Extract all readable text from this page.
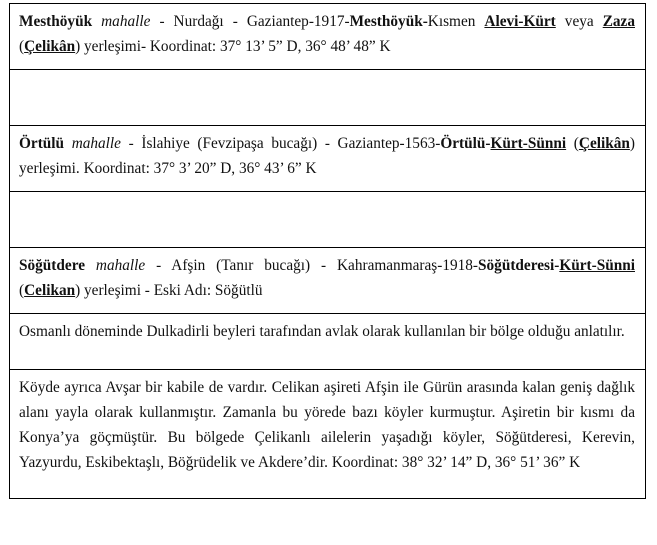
Mesthöyük mahalle - Nurdağı - Gaziantep-1917-Mesthöyük-Kısmen Alevi-Kürt veya Zaza (Çelikân) yerleşimi- Koordinat: 37° 13’ 5” D, 36° 48’ 48” K

Örtülü mahalle - İslahiye (Fevzipaşa bucağı) - Gaziantep-1563-Örtülü-Kürt-Sünni (Çelikân) yerleşimi. Koordinat: 37° 3’ 20” D, 36° 43’ 6” K

Söğütdere mahalle - Afşin (Tanır bucağı) - Kahramanmaraş-1918-Söğütderesi-Kürt-Sünni (Celikan) yerleşimi - Eski Adı: Söğütlü
Osmanlı döneminde Dulkadirli beyleri tarafından avlak olarak kullanılan bir bölge olduğu anlatılır.
Köyde ayrıca Avşar bir kabile de vardır. Celikan aşireti Afşin ile Gürün arasında kalan geniş dağlık alanı yayla olarak kullanmıştır. Zamanla bu yörede bazı köyler kurmuştur. Aşiretin bir kısmı da Konya’ya göçmüştür. Bu bölgede Çelikanlı ailelerin yaşadığı köyler, Söğütderesi, Kerevin, Yazyurdu, Eskibektaşlı, Böğrüdelik ve Akdere’dir. Koordinat: 38° 32’ 14” D, 36° 51’ 36” K
